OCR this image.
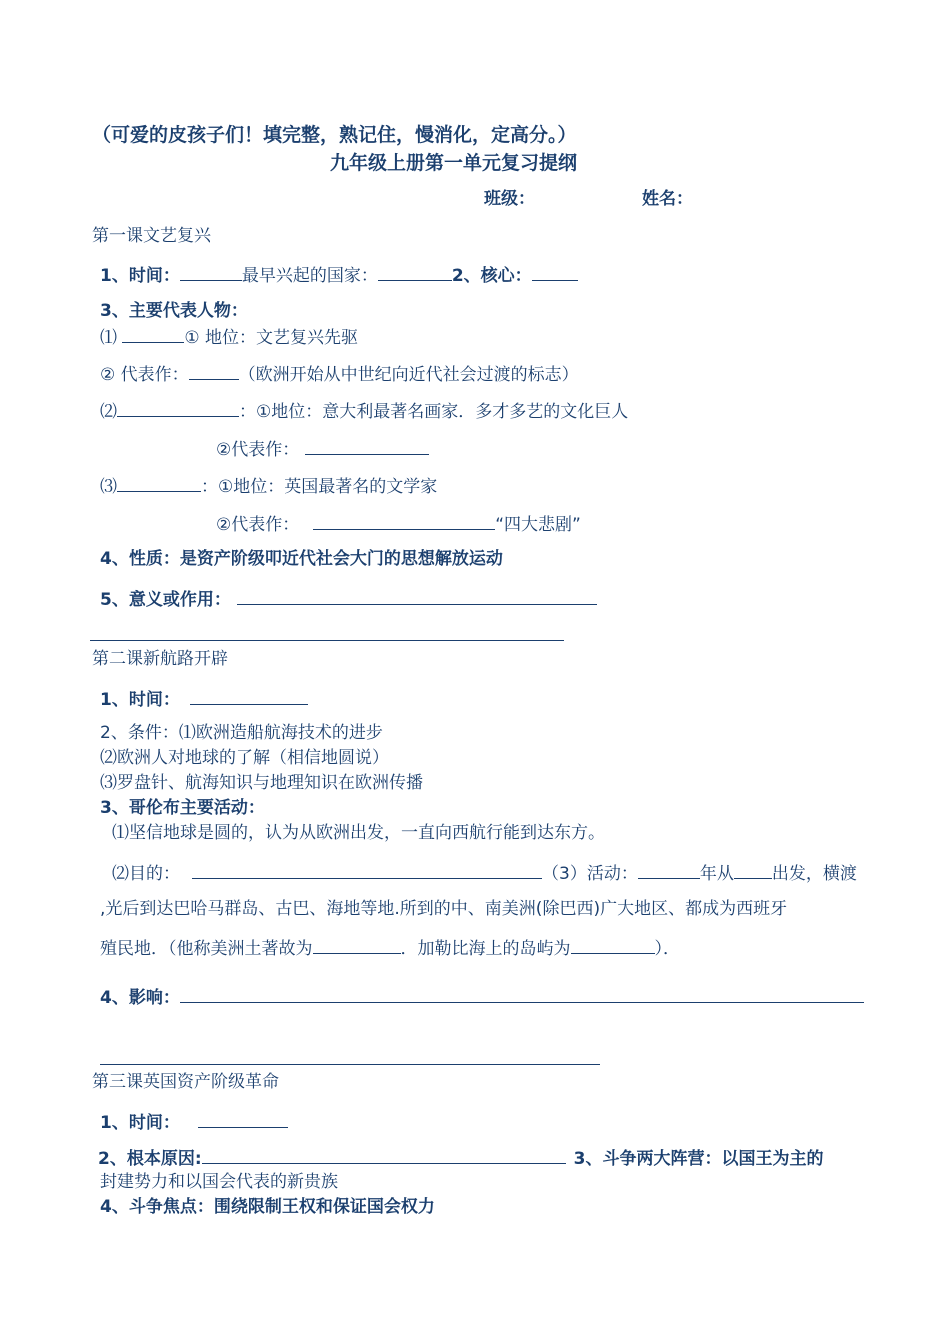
（可爱的皮孩子们！填完整，熟记住，慢消化，定高分。）
九年级上册第一单元复习提纲
班级：	姓名：
第一课文艺复兴
1、时间：	最早兴起的国家：	2、核心：
3、主要代表人物：
⑴	① 地位：文艺复兴先驱
② 代表作：	（欧洲开始从中世纪向近代社会过渡的标志）
⑵	：①地位：意大利最著名画家．多才多艺的文化巨人
②代表作：
⑶	：①地位：英国最著名的文学家
②代表作：	“四大悲剧”
4、性质：是资产阶级叩近代社会大门的思想解放运动
5、意义或作用：
第二课新航路开辟
1、时间：
2、条件：⑴欧洲造船航海技术的进步
⑵欧洲人对地球的了解（相信地圆说）
⑶罗盘针、航海知识与地理知识在欧洲传播
3、哥伦布主要活动：
⑴坚信地球是圆的，认为从欧洲出发，一直向西航行能到达东方。
⑵目的：	（3）活动：	年从 出发，横渡
,光后到达巴哈马群岛、古巴、海地等地.所到的中、南美洲(除巴西)广大地区、都成为西班牙
殖民地．（他称美洲土著故为	．加勒比海上的岛屿为	）．
4、影响：
第三课英国资产阶级革命
1、时间：
2、根本原因:	3、斗争两大阵营：以国王为主的
封建势力和以国会代表的新贵族
4、斗争焦点：围绕限制王权和保证国会权力
